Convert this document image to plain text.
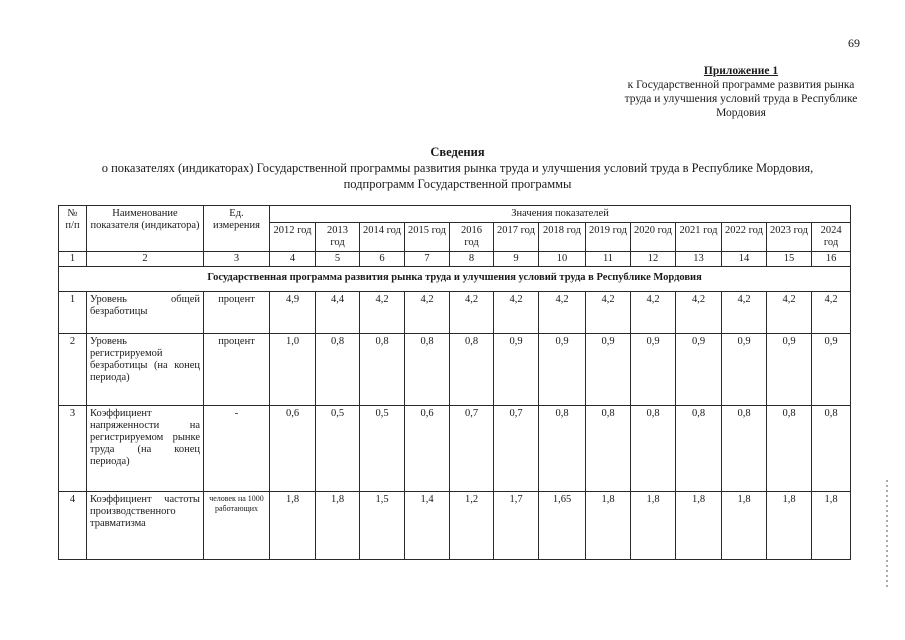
69
Приложение 1
к Государственной программе развития рынка
труда и улучшения условий труда в Республике
Мордовия
Сведения
о показателях (индикаторах) Государственной программы развития рынка труда и улучшения условий труда в Республике Мордовия,
подпрограмм Государственной программы
№ п/п	Наименование показателя (индикатора)	Ед. измерения	Значения показателей												
			2012 год	2013 год	2014 год	2015 год	2016 год	2017 год	2018 год	2019 год	2020 год	2021 год	2022 год	2023 год	2024 год
1	2	3	4	5	6	7	8	9	10	11	12	13	14	15	16
Государственная программа развития рынка труда и улучшения условий труда в Республике Мордовия															
1	Уровень общей безработицы	процент	4,9	4,4	4,2	4,2	4,2	4,2	4,2	4,2	4,2	4,2	4,2	4,2	4,2
2	Уровень регистрируемой безработицы (на конец периода)	процент	1,0	0,8	0,8	0,8	0,8	0,9	0,9	0,9	0,9	0,9	0,9	0,9	0,9
3	Коэффициент напряженности на регистрируемом рынке труда (на конец периода)	-	0,6	0,5	0,5	0,6	0,7	0,7	0,8	0,8	0,8	0,8	0,8	0,8	0,8
4	Коэффициент частоты производственного травматизма	человек на 1000 работающих	1,8	1,8	1,5	1,4	1,2	1,7	1,65	1,8	1,8	1,8	1,8	1,8	1,8
